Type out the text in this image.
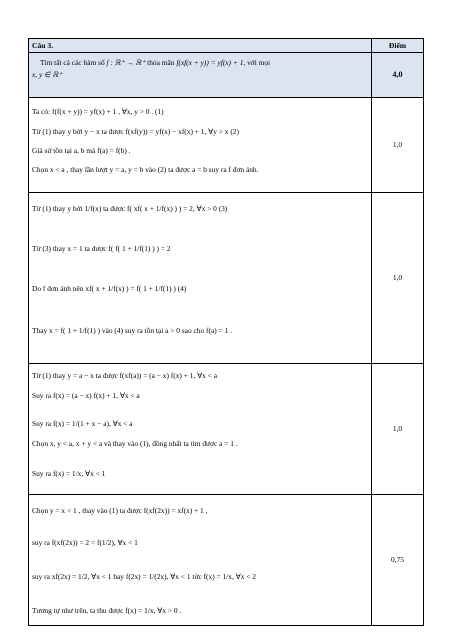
Câu 3.	Điểm

Tìm tất cả các hàm số f : ℝ⁺ → ℝ⁺ thỏa mãn f(xf(x + y)) = yf(x) + 1, với mọi
x, y ∈ ℝ⁺	4,0

Ta có: f(f(x + y)) = yf(x) + 1 , ∀x, y > 0 . (1)
Từ (1) thay y bởi y − x ta được f(xf(y)) = yf(x) − xf(x) + 1, ∀y > x (2)
Giả sử tồn tại a, b mà f(a) = f(b) .
Chọn x < a , thay lần lượt y = a, y = b vào (2) ta được a = b suy ra f đơn ánh.	1,0

Từ (1) thay y bởi 1/f(x) ta được f( xf( x + 1/f(x) ) ) = 2, ∀x > 0 (3)
Từ (3) thay x = 1 ta được f( f( 1 + 1/f(1) ) ) = 2
Do f đơn ánh nên xf( x + 1/f(x) ) = f( 1 + 1/f(1) ) (4)
Thay x = f( 1 + 1/f(1) ) vào (4) suy ra tồn tại a > 0 sao cho f(a) = 1 .	1,0

Từ (1) thay y = a − x ta được f(xf(a)) = (a − x) f(x) + 1, ∀x < a
Suy ra f(x) = (a − x) f(x) + 1, ∀x < a
Suy ra f(x) = 1/(1 + x − a), ∀x < a
Chọn x, y < a, x + y < a và thay vào (1), đồng nhất ta tìm được a = 1 .
Suy ra f(x) = 1/x, ∀x < 1	1,0

Chọn y = x < 1 , thay vào (1) ta được f(xf(2x)) = xf(x) + 1 ,
suy ra f(xf(2x)) = 2 = f(1/2), ∀x < 1
suy ra xf(2x) = 1/2, ∀x < 1 hay f(2x) = 1/(2x), ∀x < 1 tức f(x) = 1/x, ∀x < 2
Tương tự như trên, ta thu được f(x) = 1/x, ∀x > 0 .	0,75
